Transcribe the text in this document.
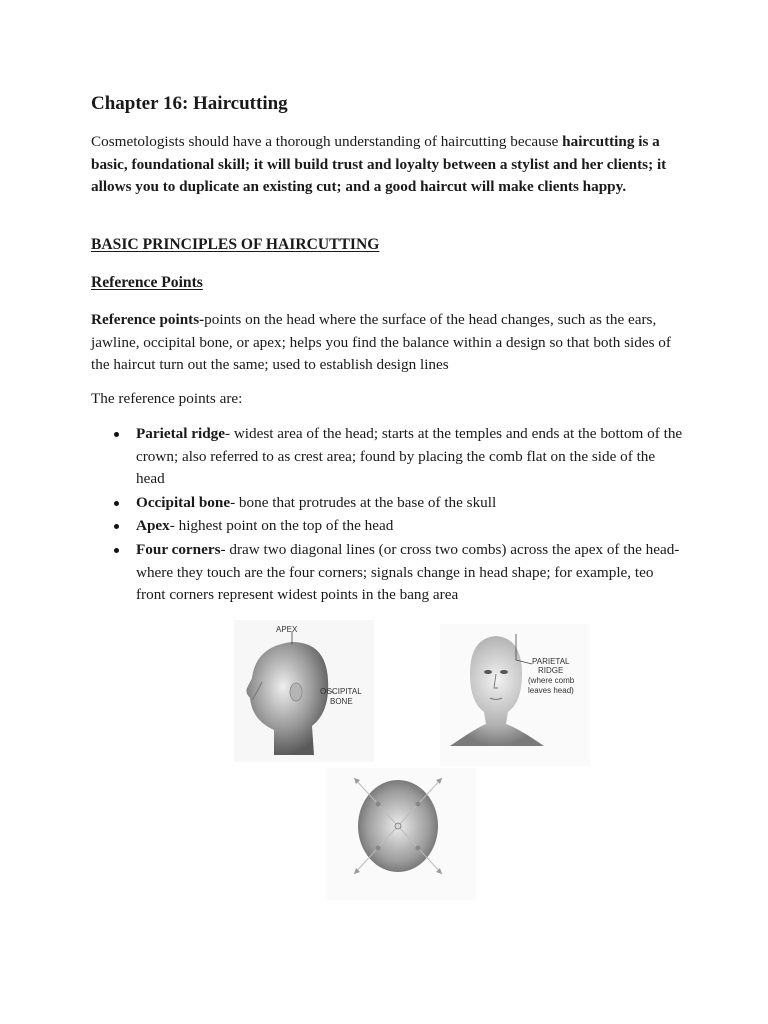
Chapter 16: Haircutting

Cosmetologists should have a thorough understanding of haircutting because haircutting is a basic, foundational skill; it will build trust and loyalty between a stylist and her clients; it allows you to duplicate an existing cut; and a good haircut will make clients happy.

BASIC PRINCIPLES OF HAIRCUTTING

Reference Points

Reference points-points on the head where the surface of the head changes, such as the ears, jawline, occipital bone, or apex; helps you find the balance within a design so that both sides of the haircut turn out the same; used to establish design lines

The reference points are:

Parietal ridge- widest area of the head; starts at the temples and ends at the bottom of the crown; also referred to as crest area; found by placing the comb flat on the side of the head
Occipital bone- bone that protrudes at the base of the skull
Apex- highest point on the top of the head
Four corners- draw two diagonal lines (or cross two combs) across the apex of the head-where they touch are the four corners; signals change in head shape; for example, teo front corners represent widest points in the bang area
APEX
OCCIPITAL
BONE
PARIETAL
RIDGE
(where comb
leaves head)
